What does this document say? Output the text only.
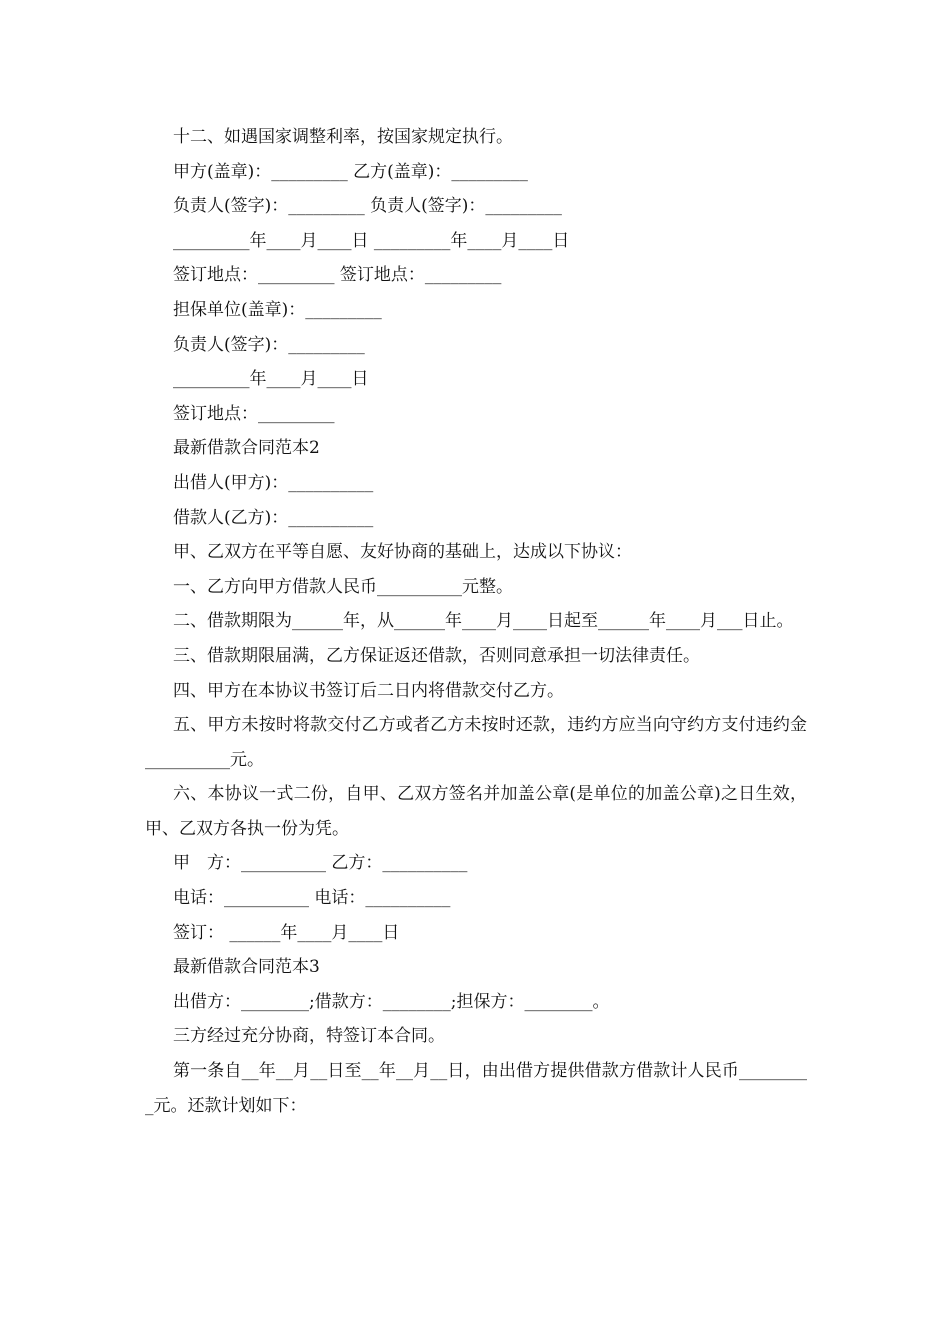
十二、如遇国家调整利率，按国家规定执行。
甲方(盖章)：_________ 乙方(盖章)：_________
负责人(签字)：_________ 负责人(签字)：_________
_________年____月____日 _________年____月____日
签订地点：_________ 签订地点：_________
担保单位(盖章)：_________
负责人(签字)：_________
_________年____月____日
签订地点：_________
最新借款合同范本2
出借人(甲方)：__________
借款人(乙方)：__________
甲、乙双方在平等自愿、友好协商的基础上，达成以下协议：
一、乙方向甲方借款人民币__________元整。
二、借款期限为______年，从______年____月____日起至______年____月___日止。
三、借款期限届满，乙方保证返还借款，否则同意承担一切法律责任。
四、甲方在本协议书签订后二日内将借款交付乙方。
五、甲方未按时将款交付乙方或者乙方未按时还款，违约方应当向守约方支付违约金__________元。
六、本协议一式二份，自甲、乙双方签名并加盖公章(是单位的加盖公章)之日生效，甲、乙双方各执一份为凭。
甲　方：__________ 乙方：__________
电话：__________ 电话：__________
签订： ______年____月____日
最新借款合同范本3
出借方：________;借款方：________;担保方：________。
三方经过充分协商，特签订本合同。
第一条自__年__月__日至__年__月__日，由出借方提供借款方借款计人民币_________元。还款计划如下：
